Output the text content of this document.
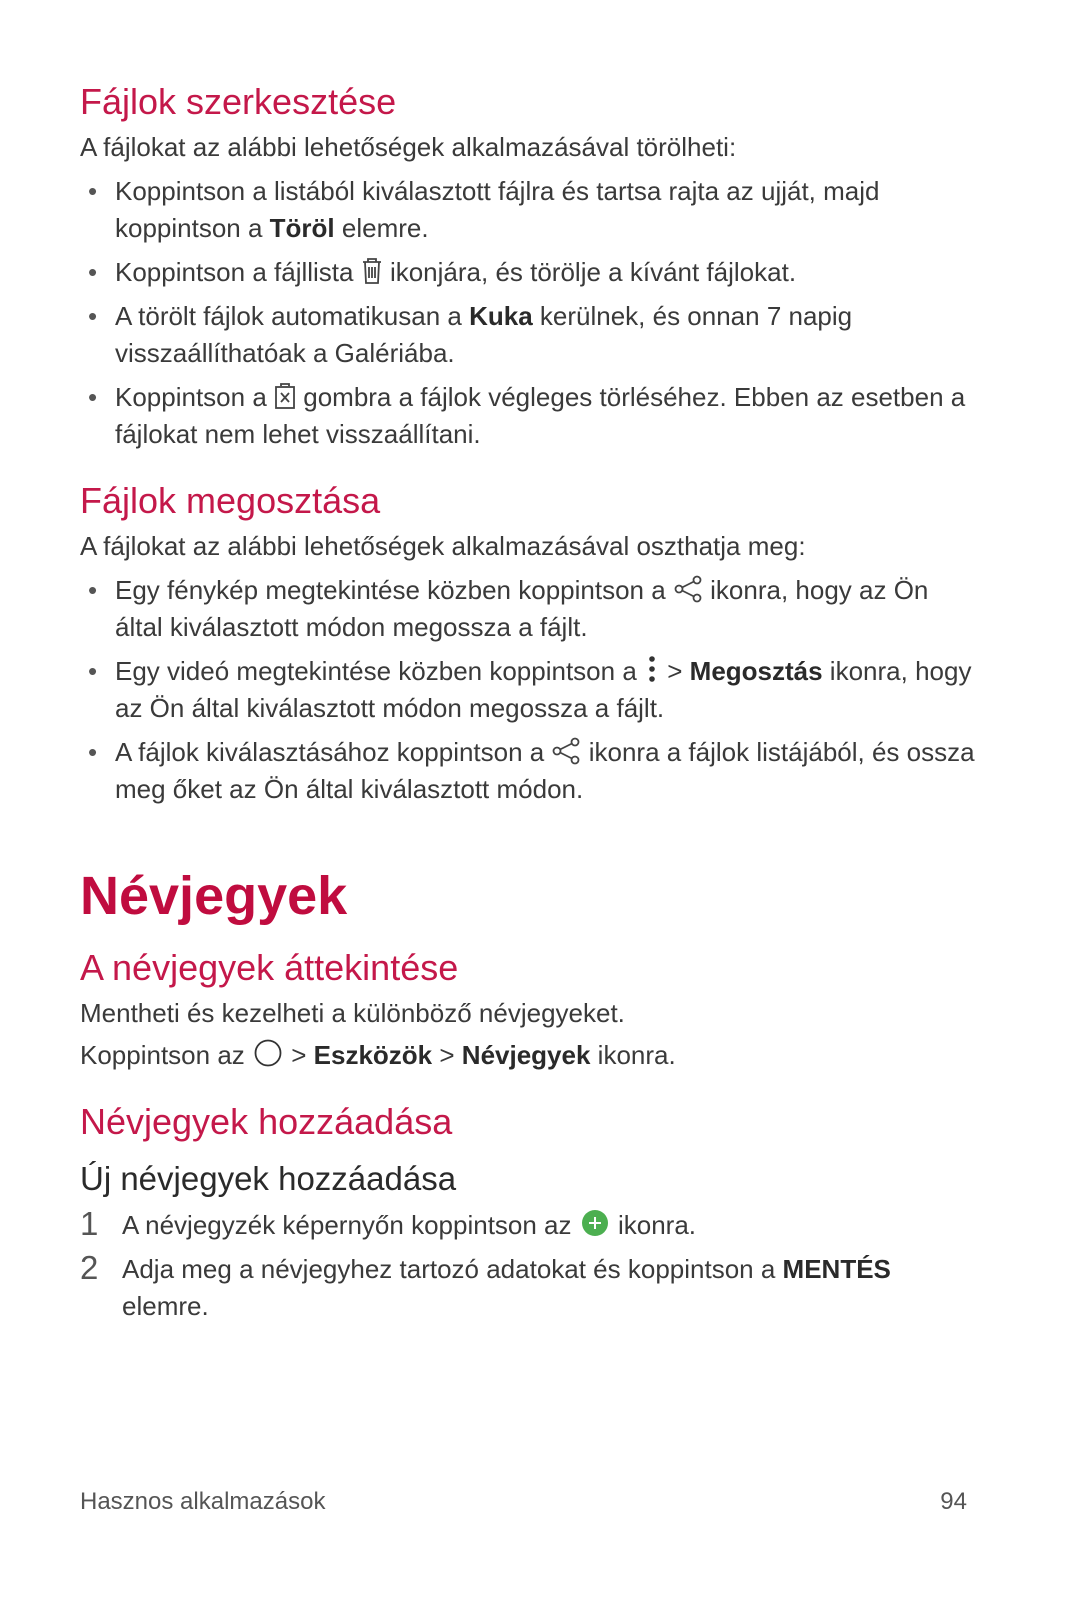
Fájlok szerkesztése

A fájlokat az alábbi lehetőségek alkalmazásával törölheti:

• Koppintson a listából kiválasztott fájlra és tartsa rajta az ujját, majd koppintson a Töröl elemre.
• Koppintson a fájllista
ikonjára, és törölje a kívánt fájlokat.
• A törölt fájlok automatikusan a Kuka kerülnek, és onnan 7 napig visszaállíthatóak a Galériába.
• Koppintson a
gombra a fájlok végleges törléséhez. Ebben az esetben a fájlokat nem lehet visszaállítani.
Fájlok megosztása

A fájlokat az alábbi lehetőségek alkalmazásával oszthatja meg:

• Egy fénykép megtekintése közben koppintson a
ikonra, hogy az Ön által kiválasztott módon megossza a fájlt.
• Egy videó megtekintése közben koppintson a
> Megosztás ikonra, hogy az Ön által kiválasztott módon megossza a fájlt.
• A fájlok kiválasztásához koppintson a
ikonra a fájlok listájából, és ossza meg őket az Ön által kiválasztott módon.
Névjegyek
A névjegyek áttekintése

Mentheti és kezelheti a különböző névjegyeket.

Koppintson az
> Eszközök > Névjegyek ikonra.

Névjegyek hozzáadása
Új névjegyek hozzáadása
1 A névjegyzék képernyőn koppintson az
ikonra.
2 Adja meg a névjegyhez tartozó adatokat és koppintson a MENTÉS elemre.
Hasznos alkalmazások	94
